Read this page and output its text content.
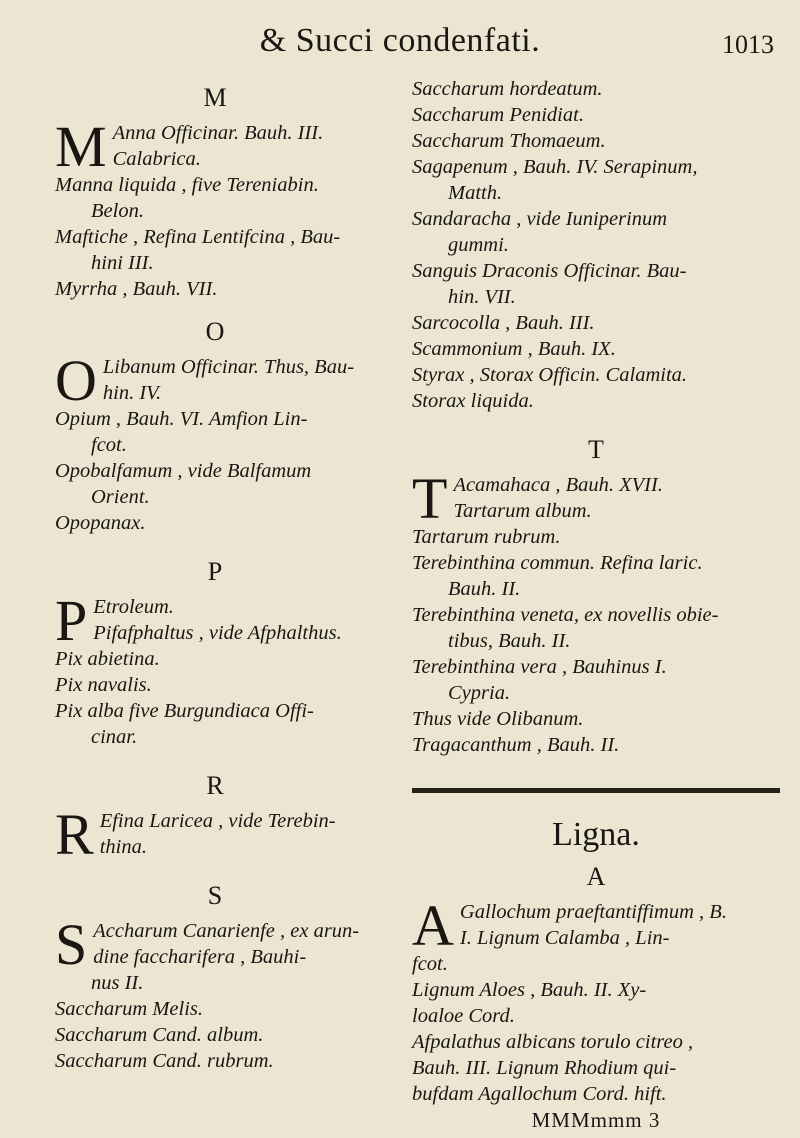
& Succi condenfati.	1013
M
M Anna Officinar. Bauh. III.
Calabrica.
Manna liquida , five Tereniabin.
Belon.
Maftiche , Refina Lentifcina , Bau-
hini III.
Myrrha , Bauh. VII.
O
O Libanum Officinar. Thus, Bau-
hin. IV.
Opium , Bauh. VI. Amfion Lin-
fcot.
Opobalfamum , vide Balfamum
Orient.
Opopanax.
P
P Etroleum.
Pifafphaltus , vide Afphalthus.
Pix abietina.
Pix navalis.
Pix alba five Burgundiaca Offi-
cinar.
R
R Efina Laricea , vide Terebin-
thina.
S
S Accharum Canarienfe , ex arun-
dine faccharifera , Bauhi-
nus II.
Saccharum Melis.
Saccharum Cand. album.
Saccharum Cand. rubrum.
Saccharum hordeatum.
Saccharum Penidiat.
Saccharum Thomaeum.
Sagapenum , Bauh. IV. Serapinum,
Matth.
Sandaracha , vide Iuniperinum
gummi.
Sanguis Draconis Officinar. Bau-
hin. VII.
Sarcocolla , Bauh. III.
Scammonium , Bauh. IX.
Styrax , Storax Officin. Calamita.
Storax liquida.
T
T Acamahaca , Bauh. XVII.
Tartarum album.
Tartarum rubrum.
Terebinthina commun. Refina laric.
Bauh. II.
Terebinthina veneta, ex novellis obie-
tibus, Bauh. II.
Terebinthina vera , Bauhinus I.
Cypria.
Thus vide Olibanum.
Tragacanthum , Bauh. II.
Ligna.
A
A Gallochum praeftantiffimum , B.
I. Lignum Calamba , Lin-
fcot.
Lignum Aloes , Bauh. II. Xy-
loaloe Cord.
Afpalathus albicans torulo citreo ,
Bauh. III. Lignum Rhodium qui-
bufdam Agallochum Cord. hift.
MMMmmm 3
